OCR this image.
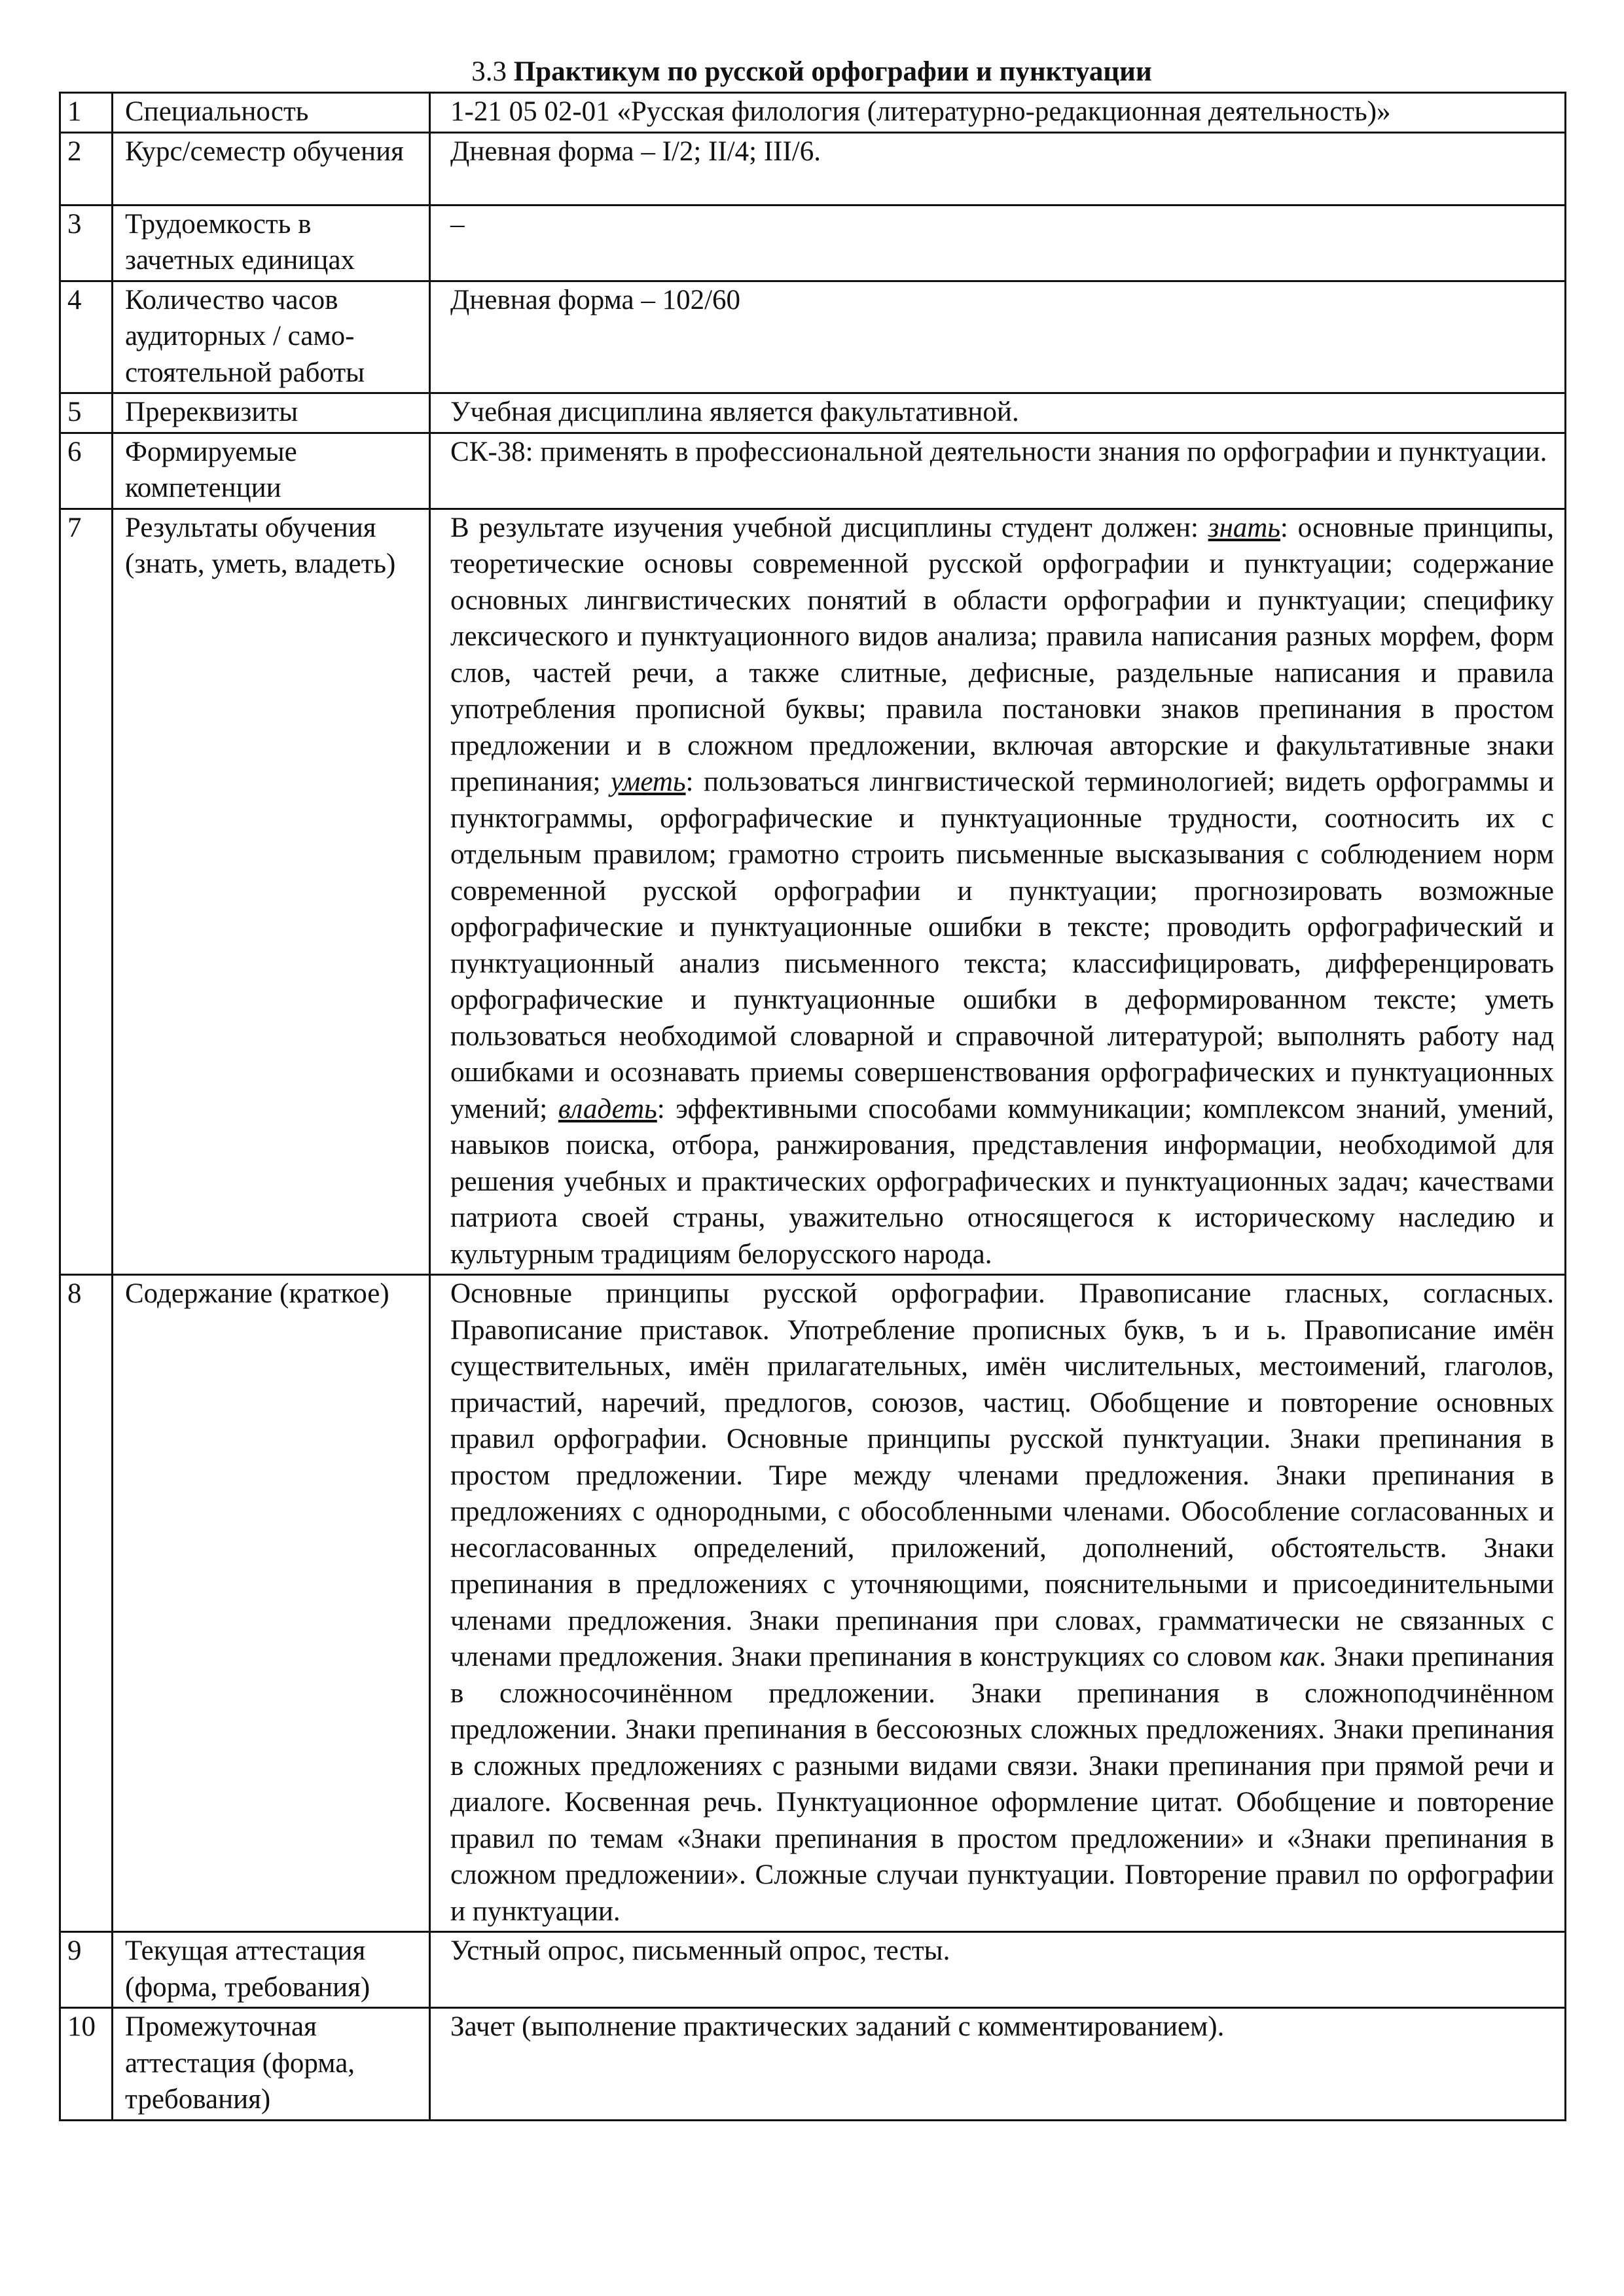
3.3 Практикум по русской орфографии и пунктуации
1	Специальность	1-21 05 02-01 «Русская филология (литературно-редакционная деятельность)»
2	Курс/семестр обучения	Дневная форма – I/2; II/4; III/6.
3	Трудоемкость в зачетных единицах	–
4	Количество часов аудиторных / само-стоятельной работы	Дневная форма – 102/60
5	Пререквизиты	Учебная дисциплина является факультативной.
6	Формируемые компетенции	СК-38: применять в профессиональной деятельности знания по орфографии и пунктуации.
7	Результаты обучения (знать, уметь, владеть)	В результате изучения учебной дисциплины студент должен: знать: основные принципы, теоретические основы современной русской орфографии и пунктуации; содержание основных лингвистических понятий в области орфографии и пунктуации; специфику лексического и пунктуационного видов анализа; правила написания разных морфем, форм слов, частей речи, а также слитные, дефисные, раздельные написания и правила употребления прописной буквы; правила постановки знаков препинания в простом предложении и в сложном предложении, включая авторские и факультативные знаки препинания; уметь: пользоваться лингвистической терминологией; видеть орфограммы и пунктограммы, орфографические и пунктуационные трудности, соотносить их с отдельным правилом; грамотно строить письменные высказывания с соблюдением норм современной русской орфографии и пунктуации; прогнозировать возможные орфографические и пунктуационные ошибки в тексте; проводить орфографический и пунктуационный анализ письменного текста; классифицировать, дифференцировать орфографические и пунктуационные ошибки в деформированном тексте; уметь пользоваться необходимой словарной и справочной литературой; выполнять работу над ошибками и осознавать приемы совершенствования орфографических и пунктуационных умений; владеть: эффективными способами коммуникации; комплексом знаний, умений, навыков поиска, отбора, ранжирования, представления информации, необходимой для решения учебных и практических орфографических и пунктуационных задач; качествами патриота своей страны, уважительно относящегося к историческому наследию и культурным традициям белорусского народа.
8	Содержание (краткое)	Основные принципы русской орфографии. Правописание гласных, согласных. Правописание приставок. Употребление прописных букв, ъ и ь. Правописание имён существительных, имён прилагательных, имён числительных, местоимений, глаголов, причастий, наречий, предлогов, союзов, частиц. Обобщение и повторение основных правил орфографии. Основные принципы русской пунктуации. Знаки препинания в простом предложении. Тире между членами предложения. Знаки препинания в предложениях с однородными, с обособленными членами. Обособление согласованных и несогласованных определений, приложений, дополнений, обстоятельств. Знаки препинания в предложениях с уточняющими, пояснительными и присоединительными членами предложения. Знаки препинания при словах, грамматически не связанных с членами предложения. Знаки препинания в конструкциях со словом как. Знаки препинания в сложносочинённом предложении. Знаки препинания в сложноподчинённом предложении. Знаки препинания в бессоюзных сложных предложениях. Знаки препинания в сложных предложениях с разными видами связи. Знаки препинания при прямой речи и диалоге. Косвенная речь. Пунктуационное оформление цитат. Обобщение и повторение правил по темам «Знаки препинания в простом предложении» и «Знаки препинания в сложном предложении». Сложные случаи пунктуации. Повторение правил по орфографии и пунктуации.
9	Текущая аттестация (форма, требования)	Устный опрос, письменный опрос, тесты.
10	Промежуточная аттестация (форма, требования)	Зачет (выполнение практических заданий с комментированием).
